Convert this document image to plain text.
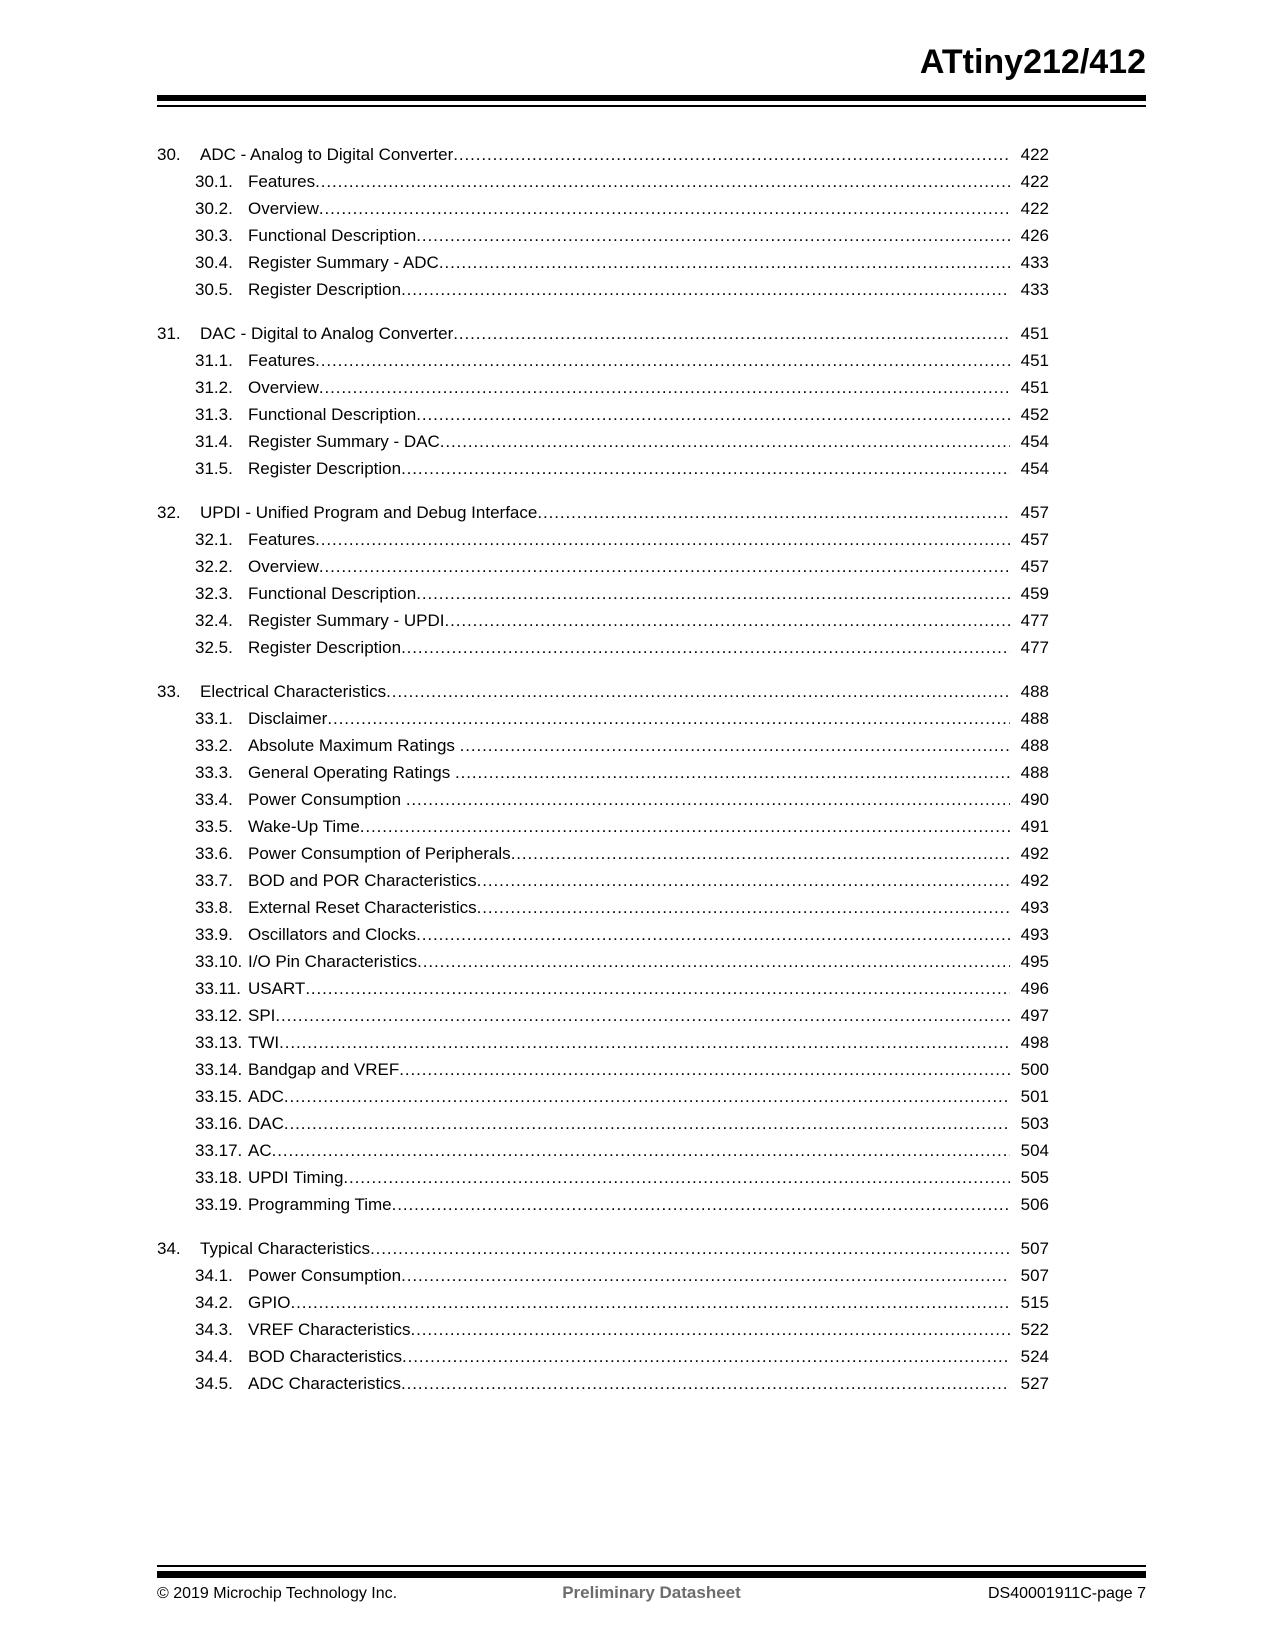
ATtiny212/412
30.	ADC - Analog to Digital Converter .....	422
30.1. Features .....	422
30.2. Overview .....	422
30.3. Functional Description .....	426
30.4. Register Summary - ADC .....	433
30.5. Register Description .....	433
31.	DAC - Digital to Analog Converter .....	451
31.1. Features .....	451
31.2. Overview .....	451
31.3. Functional Description .....	452
31.4. Register Summary - DAC .....	454
31.5. Register Description .....	454
32.	UPDI - Unified Program and Debug Interface .....	457
32.1. Features .....	457
32.2. Overview .....	457
32.3. Functional Description .....	459
32.4. Register Summary - UPDI .....	477
32.5. Register Description .....	477
33.	Electrical Characteristics .....	488
33.1. Disclaimer .....	488
33.2. Absolute Maximum Ratings .....	488
33.3. General Operating Ratings .....	488
33.4. Power Consumption .....	490
33.5. Wake-Up Time .....	491
33.6. Power Consumption of Peripherals .....	492
33.7. BOD and POR Characteristics .....	492
33.8. External Reset Characteristics .....	493
33.9. Oscillators and Clocks .....	493
33.10. I/O Pin Characteristics .....	495
33.11. USART .....	496
33.12. SPI .....	497
33.13. TWI .....	498
33.14. Bandgap and VREF .....	500
33.15. ADC .....	501
33.16. DAC .....	503
33.17. AC .....	504
33.18. UPDI Timing .....	505
33.19. Programming Time .....	506
34.	Typical Characteristics .....	507
34.1. Power Consumption .....	507
34.2. GPIO .....	515
34.3. VREF Characteristics .....	522
34.4. BOD Characteristics .....	524
34.5. ADC Characteristics .....	527
© 2019 Microchip Technology Inc.	Preliminary Datasheet	DS40001911C-page 7
